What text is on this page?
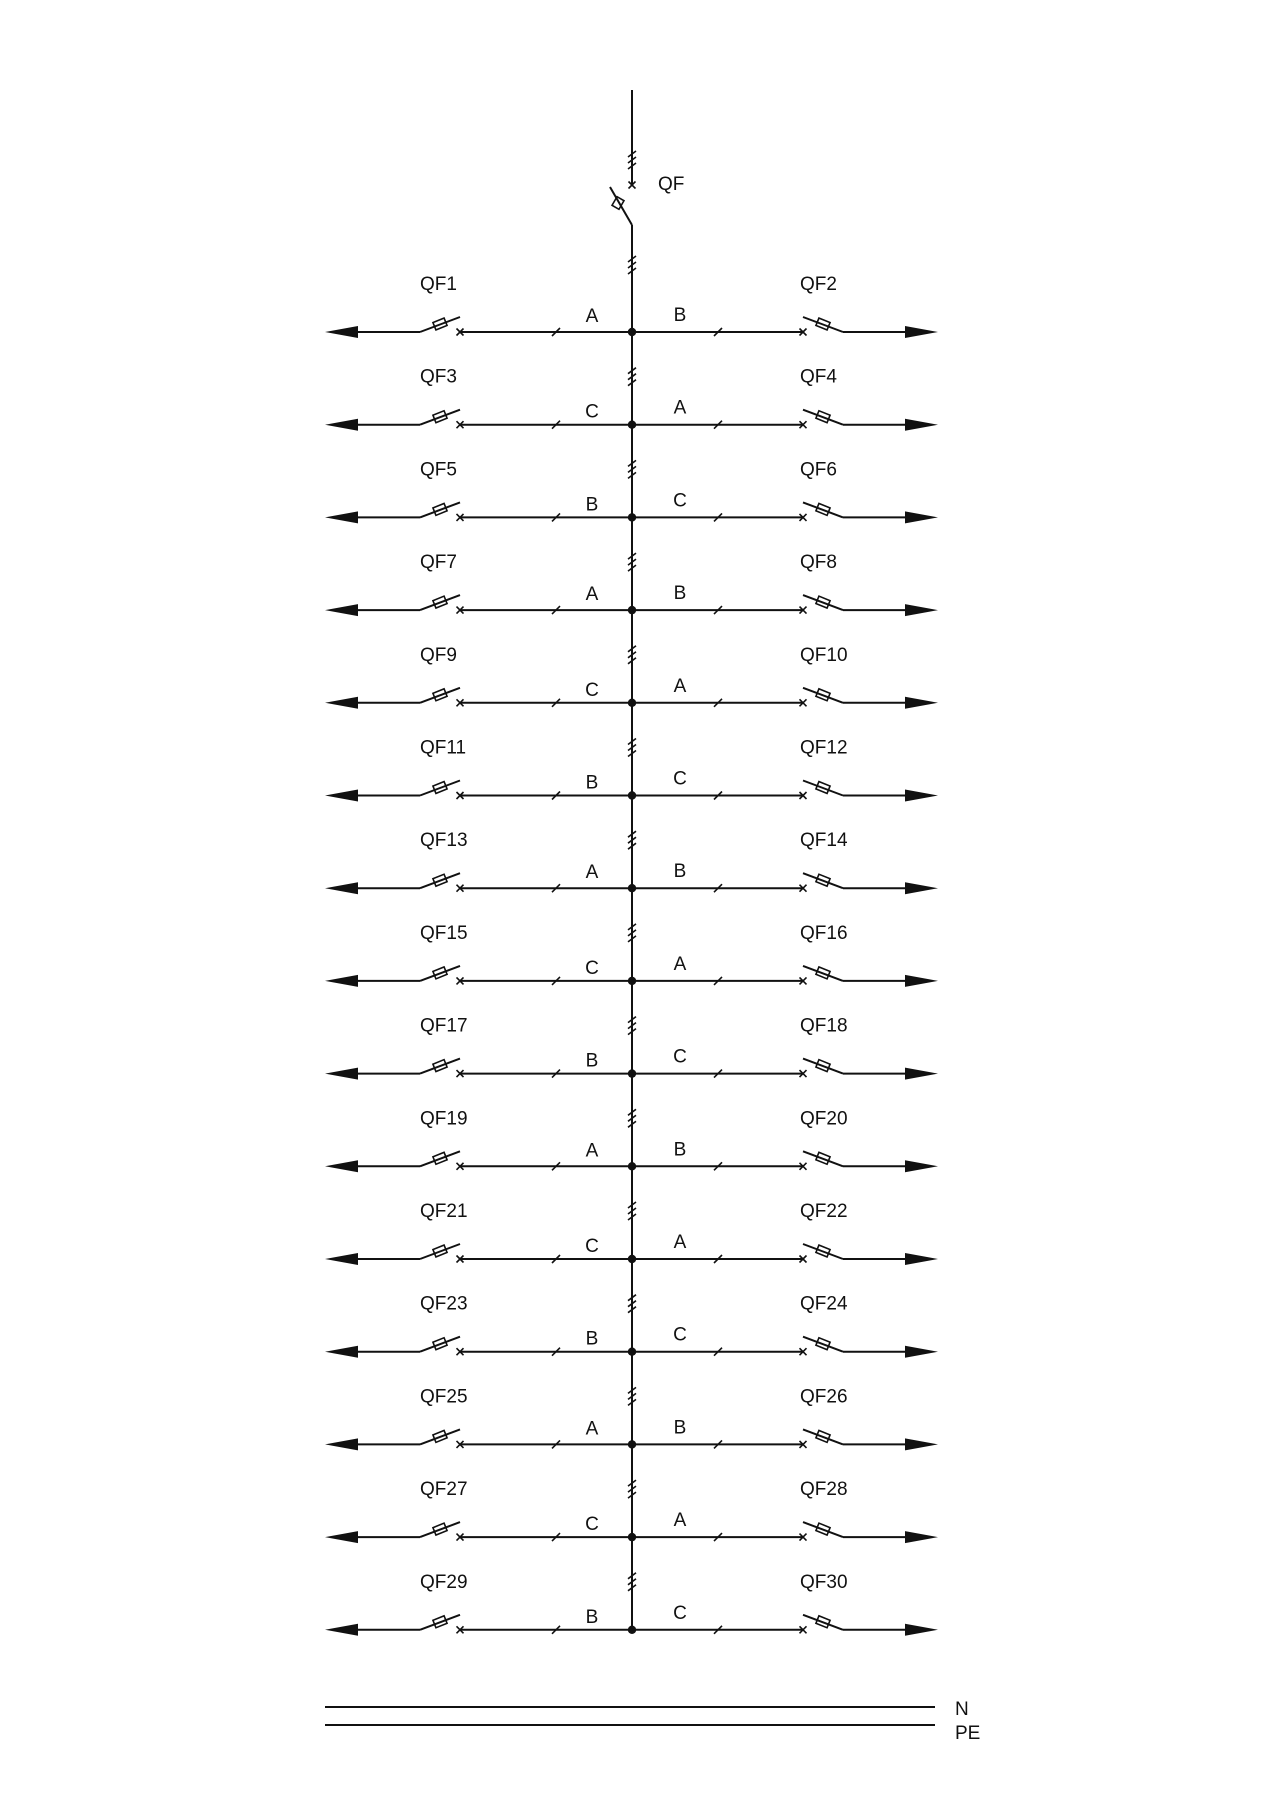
QF
QF1
A
QF2
B
QF3
C
QF4
A
QF5
B
QF6
C
QF7
A
QF8
B
QF9
C
QF10
A
QF11
B
QF12
C
QF13
A
QF14
B
QF15
C
QF16
A
QF17
B
QF18
C
QF19
A
QF20
B
QF21
C
QF22
A
QF23
B
QF24
C
QF25
A
QF26
B
QF27
C
QF28
A
QF29
B
QF30
C
N
PE
